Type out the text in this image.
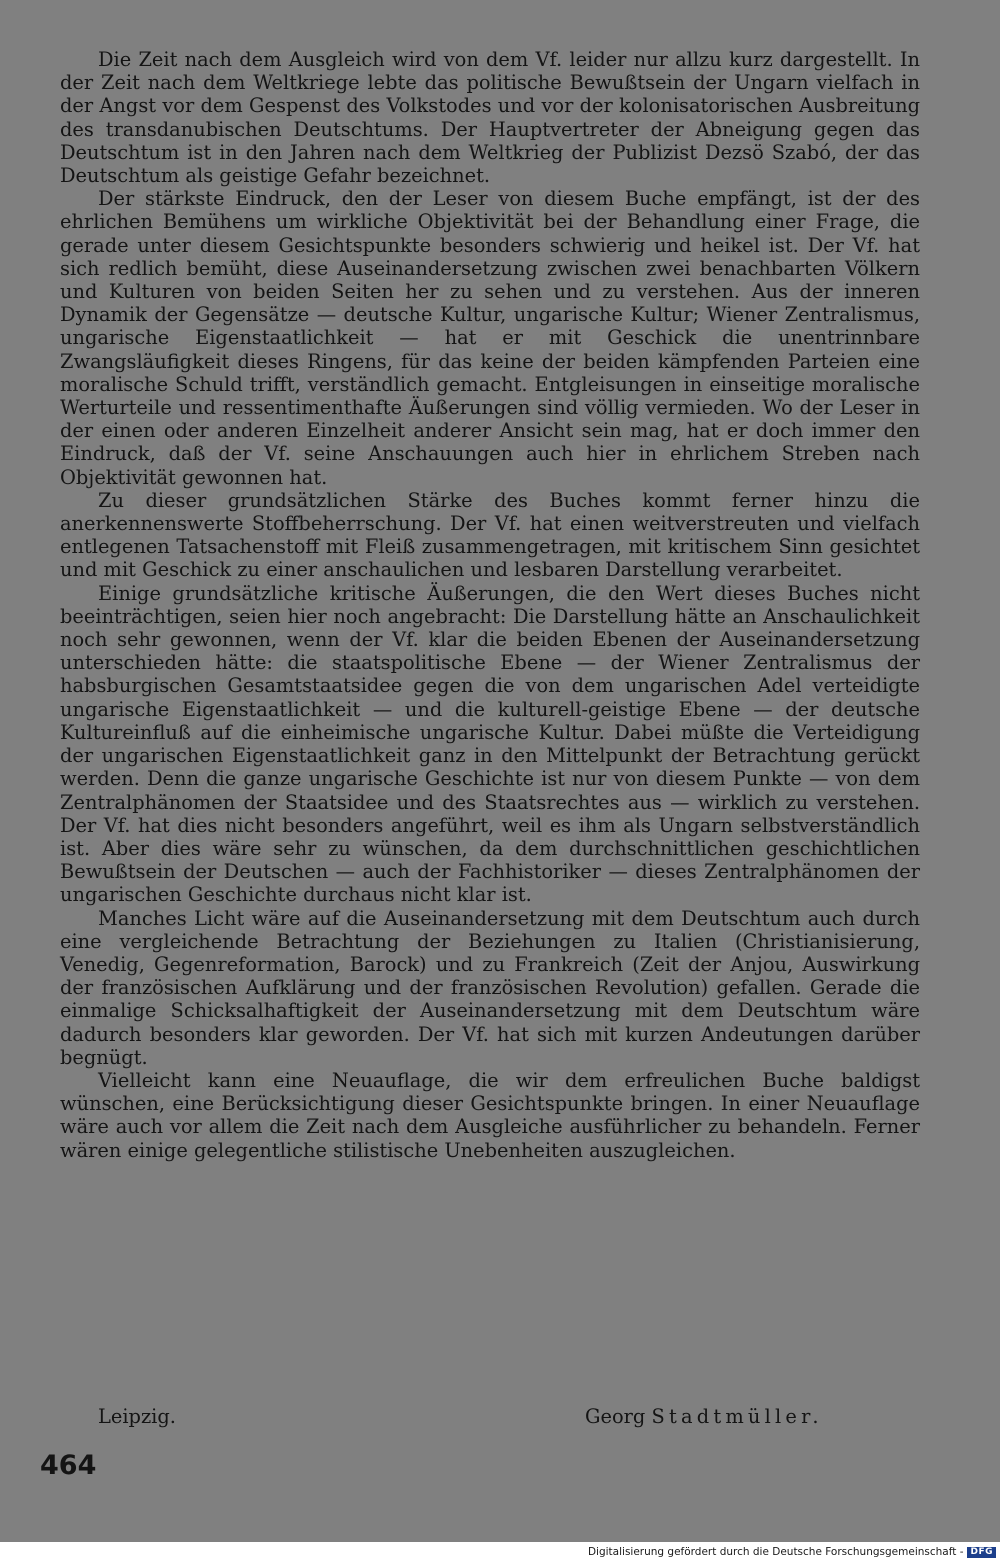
Die Zeit nach dem Ausgleich wird von dem Vf. leider nur allzu kurz dargestellt. In der Zeit nach dem Weltkriege lebte das politische Bewußtsein der Ungarn vielfach in der Angst vor dem Gespenst des Volkstodes und vor der kolonisatorischen Ausbreitung des transdanubischen Deutschtums. Der Hauptvertreter der Abneigung gegen das Deutschtum ist in den Jahren nach dem Weltkrieg der Publizist Dezsö Szabó, der das Deutschtum als geistige Gefahr bezeichnet.

Der stärkste Eindruck, den der Leser von diesem Buche empfängt, ist der des ehrlichen Bemühens um wirkliche Objektivität bei der Behandlung einer Frage, die gerade unter diesem Gesichtspunkte besonders schwierig und heikel ist. Der Vf. hat sich redlich bemüht, diese Auseinandersetzung zwischen zwei benachbarten Völkern und Kulturen von beiden Seiten her zu sehen und zu verstehen. Aus der inneren Dynamik der Gegensätze — deutsche Kultur, ungarische Kultur; Wiener Zentralismus, ungarische Eigenstaatlichkeit — hat er mit Geschick die unentrinnbare Zwangsläufigkeit dieses Ringens, für das keine der beiden kämpfenden Parteien eine moralische Schuld trifft, verständlich gemacht. Entgleisungen in einseitige moralische Werturteile und ressentimenthafte Äußerungen sind völlig vermieden. Wo der Leser in der einen oder anderen Einzelheit anderer Ansicht sein mag, hat er doch immer den Eindruck, daß der Vf. seine Anschauungen auch hier in ehrlichem Streben nach Objektivität gewonnen hat.

Zu dieser grundsätzlichen Stärke des Buches kommt ferner hinzu die anerkennenswerte Stoffbeherrschung. Der Vf. hat einen weitverstreuten und vielfach entlegenen Tatsachenstoff mit Fleiß zusammengetragen, mit kritischem Sinn gesichtet und mit Geschick zu einer anschaulichen und lesbaren Darstellung verarbeitet.

Einige grundsätzliche kritische Äußerungen, die den Wert dieses Buches nicht beeinträchtigen, seien hier noch angebracht: Die Darstellung hätte an Anschaulichkeit noch sehr gewonnen, wenn der Vf. klar die beiden Ebenen der Auseinandersetzung unterschieden hätte: die staatspolitische Ebene — der Wiener Zentralismus der habsburgischen Gesamtstaatsidee gegen die von dem ungarischen Adel verteidigte ungarische Eigenstaatlichkeit — und die kulturell-geistige Ebene — der deutsche Kultureinfluß auf die einheimische ungarische Kultur. Dabei müßte die Verteidigung der ungarischen Eigenstaatlichkeit ganz in den Mittelpunkt der Betrachtung gerückt werden. Denn die ganze ungarische Geschichte ist nur von diesem Punkte — von dem Zentralphänomen der Staatsidee und des Staatsrechtes aus — wirklich zu verstehen. Der Vf. hat dies nicht besonders angeführt, weil es ihm als Ungarn selbstverständlich ist. Aber dies wäre sehr zu wünschen, da dem durchschnittlichen geschichtlichen Bewußtsein der Deutschen — auch der Fachhistoriker — dieses Zentralphänomen der ungarischen Geschichte durchaus nicht klar ist.

Manches Licht wäre auf die Auseinandersetzung mit dem Deutschtum auch durch eine vergleichende Betrachtung der Beziehungen zu Italien (Christianisierung, Venedig, Gegenreformation, Barock) und zu Frankreich (Zeit der Anjou, Auswirkung der französischen Aufklärung und der französischen Revolution) gefallen. Gerade die einmalige Schicksalhaftigkeit der Auseinandersetzung mit dem Deutschtum wäre dadurch besonders klar geworden. Der Vf. hat sich mit kurzen Andeutungen darüber begnügt.

Vielleicht kann eine Neuauflage, die wir dem erfreulichen Buche baldigst wünschen, eine Berücksichtigung dieser Gesichtspunkte bringen. In einer Neuauflage wäre auch vor allem die Zeit nach dem Ausgleiche ausführlicher zu behandeln. Ferner wären einige gelegentliche stilistische Unebenheiten auszugleichen.

Leipzig.	Georg Stadtmüller.
464
Digitalisierung gefördert durch die Deutsche Forschungsgemeinschaft - DFG
